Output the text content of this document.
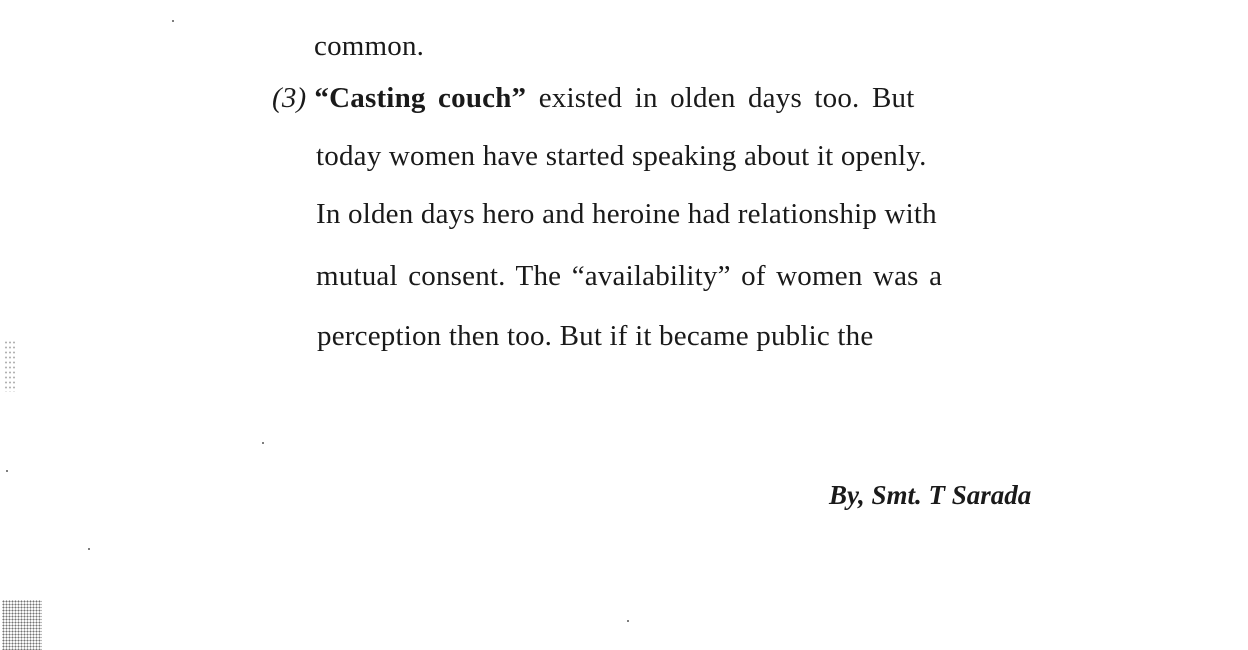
common.
(3) “Casting couch” existed in olden days too. But
today women have started speaking about it openly.
In olden days hero and heroine had relationship with
mutual consent. The “availability” of women was a
perception then too. But if it became public the
By, Smt. T Sarada
